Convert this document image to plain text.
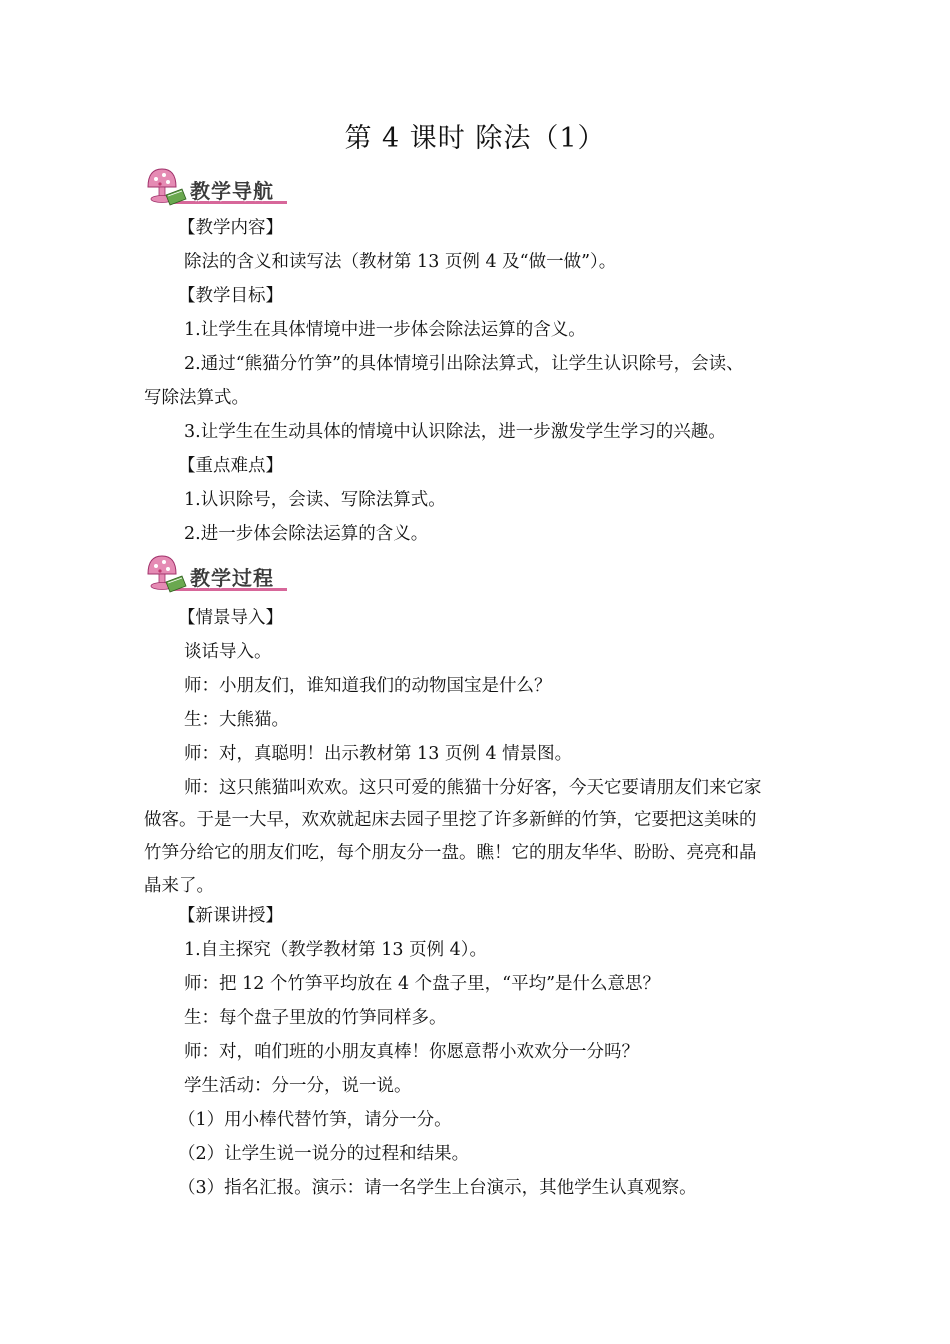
第 4 课时 除法（1）
教学导航
【教学内容】
除法的含义和读写法（教材第 13 页例 4 及“做一做”）。
【教学目标】
1.让学生在具体情境中进一步体会除法运算的含义。
2.通过“熊猫分竹笋”的具体情境引出除法算式，让学生认识除号，会读、
写除法算式。
3.让学生在生动具体的情境中认识除法，进一步激发学生学习的兴趣。
【重点难点】
1.认识除号，会读、写除法算式。
2.进一步体会除法运算的含义。
教学过程
【情景导入】
谈话导入。
师：小朋友们，谁知道我们的动物国宝是什么？
生：大熊猫。
师：对，真聪明！出示教材第 13 页例 4 情景图。
师：这只熊猫叫欢欢。这只可爱的熊猫十分好客，今天它要请朋友们来它家
做客。于是一大早，欢欢就起床去园子里挖了许多新鲜的竹笋，它要把这美味的
竹笋分给它的朋友们吃，每个朋友分一盘。瞧！它的朋友华华、盼盼、亮亮和晶
晶来了。
【新课讲授】
1.自主探究（教学教材第 13 页例 4）。
师：把 12 个竹笋平均放在 4 个盘子里，“平均”是什么意思？
生：每个盘子里放的竹笋同样多。
师：对，咱们班的小朋友真棒！你愿意帮小欢欢分一分吗？
学生活动：分一分，说一说。
（1）用小棒代替竹笋，请分一分。
（2）让学生说一说分的过程和结果。
（3）指名汇报。演示：请一名学生上台演示，其他学生认真观察。
